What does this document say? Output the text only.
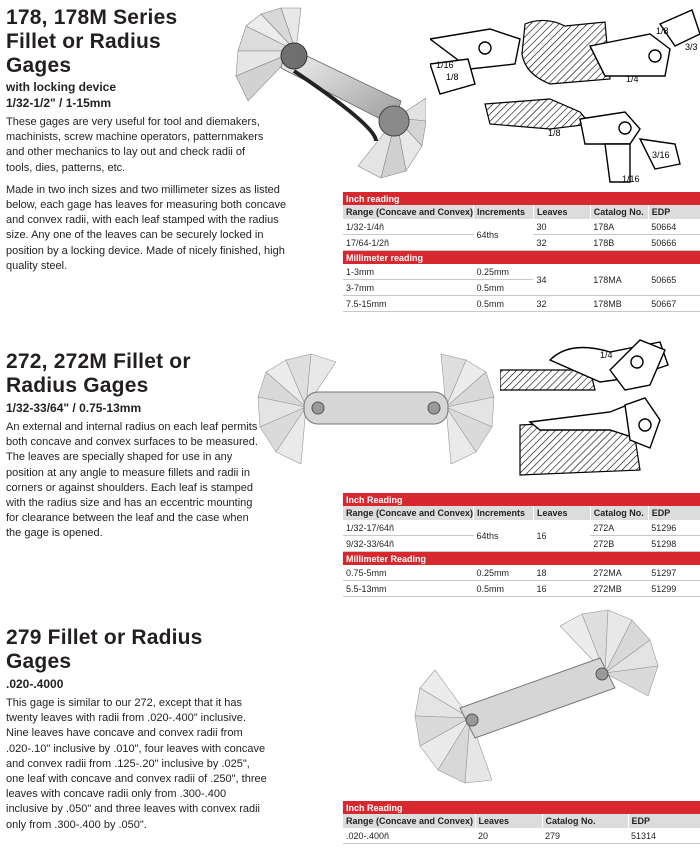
178, 178M Series
Fillet or Radius
Gages
with locking device
1/32-1/2" / 1-15mm

These gages are very useful for tool and diemakers, machinists, screw machine operators, patternmakers and other mechanics to lay out and check radii of tools, dies, patterns, etc.

Made in two inch sizes and two millimeter sizes as listed below, each gage has leaves for measuring both concave and convex radii, with each leaf stamped with the radius size. Any one of the leaves can be securely locked in position by a locking device. Made of nicely finished, high quality steel.

1/8
3/3
1/16
1/8	1/4
1/8
3/16
1/16
Inch reading				
Range (Concave and Convex)	Increments	Leaves	Catalog No.	EDP
1/32-1/4ñ	64ths	30	178A	50664
17/64-1/2ñ		32	178B	50666
Millimeter reading				
1-3mm	0.25mm	34	178MA	50665
3-7mm	0.5mm			
7.5-15mm	0.5mm	32	178MB	50667
272, 272M Fillet or
Radius Gages
1/32-33/64" / 0.75-13mm

An external and internal radius on each leaf permits both concave and convex surfaces to be measured. The leaves are specially shaped for use in any position at any angle to measure fillets and radii in corners or against shoulders. Each leaf is stamped with the radius size and has an eccentric mounting for clearance between the leaf and the case when the gage is opened.

1/4
Inch Reading				
Range (Concave and Convex)	Increments	Leaves	Catalog No.	EDP
1/32-17/64ñ	64ths	16	272A	51296
9/32-33/64ñ			272B	51298
Millimeter Reading				
0.75-5mm	0.25mm	18	272MA	51297
5.5-13mm	0.5mm	16	272MB	51299
279 Fillet or Radius
Gages
.020-.4000

This gage is similar to our 272, except that it has twenty leaves with radii from .020-.400" inclusive. Nine leaves have concave and convex radii from .020-.10" inclusive by .010", four leaves with concave and convex radii from .125-.20" inclusive by .025", one leaf with concave and convex radii of .250", three leaves with concave radii only from .300-.400 inclusive by .050" and three leaves with convex radii only from .300-.400 by .050".

Inch Reading			
Range (Concave and Convex)	Leaves	Catalog No.	EDP
.020-.400ñ	20	279	51314
